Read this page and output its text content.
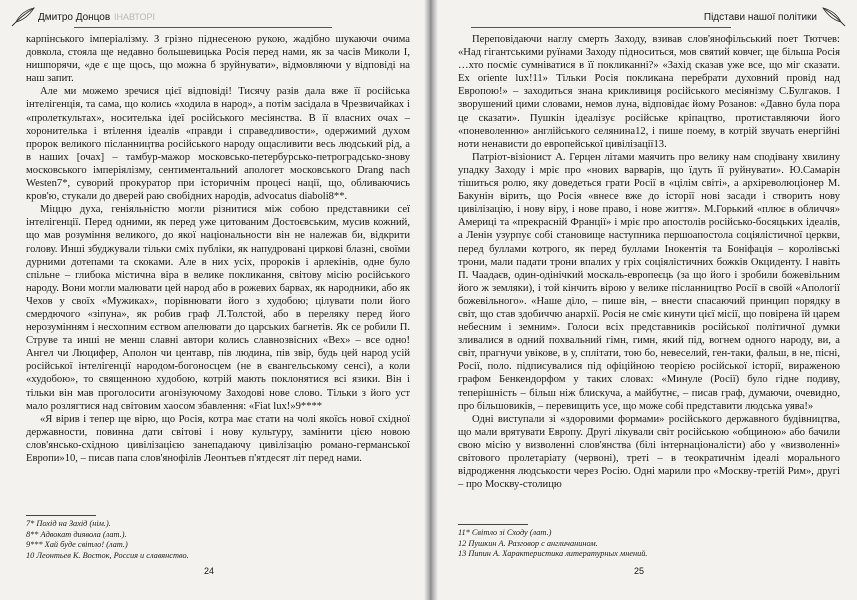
Дмитро Донцов ІНАВТОРІ

карпінського імперіалізму. З грізно піднесеною рукою, жадібно шукаючи очима довкола, стояла ще недавно большевицька Росія перед нами, як за часів Миколи І, нишпорячи, «де є ще щось, що можна б зруйнувати», відмовляючи у відповіді на наш запит.

Але ми можемо зречися цієї відповіді! Тисячу разів дала вже її російська інтелігенція, та сама, що колись «ходила в народ», а потім засідала в Чрезвичайках і «пролеткультах», носителька ідеї російського месіянства. В її власних очах – хоронителька і втілення ідеалів «правди і справедливости», одержимий духом пророк великого післанництва російського народу ощасливити весь людський рід, а в наших [очах] – тамбур-мажор московсько-петербурсько-петроградсько-знову московського імперіялізму, сентиментальний апологет московського Drang nach Westen7*, суворий прокуратор при історичнім процесі нації, що, обливаючись кров'ю, стукали до дверей раю свобідних народів, advocatus diaboli8**.

Міццю духа, геніяльністю могли різнитися між собою представники сеї інтелігенції. Перед одними, як перед уже цитованим Достоєвським, мусив кожний, що мав розуміння великого, до якої національности він не належав би, відкрити голову. Инші збуджували тільки сміх публіки, як напудровані циркові блазні, своїми дурними дотепами та скоками. Але в них усіх, пророків і арлекінів, одне було спільне – глибока містична віра в велике покликання, світову місію російського народу. Вони могли малювати цей народ або в рожевих барвах, як народники, або як Чехов у своїх «Мужиках», порівнювати його з худобою; цілувати поли його смердючого «зіпуна», як робив граф Л.Толстой, або в переляку перед його нерозумінням і несхопним єством апелювати до царських багнетів. Як се робили П. Струве та инші не менш славні автори колись славнозвісних «Вех» – все одно! Ангел чи Люцифер, Аполон чи центавр, пів людина, пів звір, будь цей народ усій російської інтелігенції народом-богоносцем (не в євангельському сенсі), а коли «худобою», то священною худобою, котрій мають поклонятися всі язики. Він і тільки він мав проголосити агонізуючому Заходові нове слово. Тільки з його уст мало розлягтися над світовим хаосом збавлення: «Fiat lux!»9****

«Я вірив і тепер ще вірю, що Росія, котра має стати на чолі якоїсь нової східної державности, повинна дати світові і нову культуру, замінити цією новою слов'янсько-східною цивілізацією занепадаючу цивілізацію романо-германської Европи»10, – писав папа слов'янофілів Леонтьев п'ятдесят літ перед нами.

7* Похід на Захід (нім.).
8** Адвокат диявола (лат.).
9*** Хай буде світло! (лат.)
10 Леонтьев К. Восток, Россия и славянство.
24
Підстави нашої політики

Переповідаючи наглу смерть Заходу, взивав слов'янофільський поет Тютчев: «Над гігантськими руїнами Заходу підноситься, мов святий ковчег, ще більша Росія …хто посміє сумніватися в її покликанні?» «Захід сказав уже все, що міг сказати. Ex oriente lux!11» Тільки Росія покликана перебрати духовний провід над Европою!» – заходиться знана крикливиця російського месіянізму С.Булгаков. І зворушений цими словами, немов луна, відповідає йому Розанов: «Давно була пора це сказати». Пушкін ідеалізує російське кріпацтво, протиставляючи його «поневоленню» англійського селянина12, і пише поему, в котрій звучать енергійні ноти ненависти до европейської цивілізації13.

Патріот-візіонист А. Герцен літами маячить про велику нам сподівану хвилину упадку Заходу і мріє про «нових варварів, що їдуть її руйнувати». Ю.Самарін тішиться ролю, яку доведеться грати Росії в «цілім світі», а архіреволюціонер М. Бакунін вірить, що Росія «внесе вже до історії нові засади і створить нову цивілізацію, і нову віру, і нове право, і нове життя». М.Горький «плює в обличчя» Америці та «прекрасній Франції» і мріє про апостолів російсько-босяцьких ідеалів, а Ленін узурпує собі становище наступника першоапостола соціялістичної церкви, перед буллами котрого, як перед буллами Інокентія та Боніфація – королівські трони, мали падати трони впалих у гріх соціялістичних божків Окциденту. І навіть П. Чаадаєв, один-одінічкий москаль-европеєць (за що його і зробили божевільним його ж земляки), і той кінчить вірою у велике післанництво Росії в своїй «Апології божевільного». «Наше діло, – пише він, – внести спасаючий принцип порядку в світ, що став здобиччю анархії. Росія не сміє кинути цієї місії, що повірена їй царем небесним і земним». Голоси всіх представників російської політичної думки зливалися в одний похвальний гімн, гимн, який під, вогнем одного народу, ви, а світ, прагнучи увікове, в у, сплітати, тою бо, невеселий, ген-таки, фальш, в не, пісні, Росії, поло. підписувалися під офіційною теорією російської історії, вираженою графом Бенкендорфом у таких словах: «Минуле (Росії) було гідне подиву, теперішність – більш ніж блискуча, а майбутнє, – писав граф, думаючи, очевидно, про більшовиків, – перевищить усе, що може собі представити людська уява!»

Одні виступали зі «здоровими формами» російського державного будівництва, що мали врятувати Европу. Другі лікували світ російською «общиною» або бачили свою місію у визволенні слов'янства (білі інтернаціоналісти) або у «визволенні» світового пролетаріату (червоні), треті – в теократичнім ідеалі морального відродження людськости через Росію. Одні марили про «Москву-третій Рим», другі – про Москву-столицю

11* Світло зі Сходу (лат.)
12 Пушкин А. Разговор с англичанином.
13 Пипин А. Характеристика литературных мнений.
25
